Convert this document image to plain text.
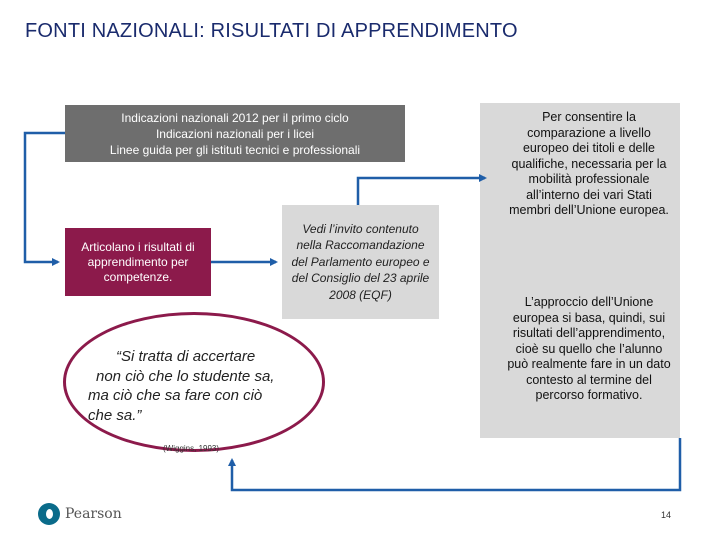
FONTI NAZIONALI: RISULTATI DI APPRENDIMENTO
Indicazioni nazionali 2012 per il primo ciclo
Indicazioni nazionali per i licei
Linee guida per gli istituti tecnici e professionali
Articolano i risultati di apprendimento per competenze.
Vedi l’invito contenuto nella Raccomandazione del Parlamento europeo e del Consiglio del 23 aprile 2008 (EQF)
Per consentire la comparazione a livello europeo dei titoli e delle qualifiche, necessaria per la mobilità professionale all’interno dei vari Stati membri dell’Unione europea.
L’approccio dell’Unione europea si basa, quindi, sui risultati dell’apprendimento, cioè su quello che l’alunno può realmente fare in un dato contesto al termine del percorso formativo.
“Si tratta di accertare
non ciò che lo studente sa,
ma ciò che sa fare con ciò
che sa.”
(Wiggins, 1993)
Pearson	14
